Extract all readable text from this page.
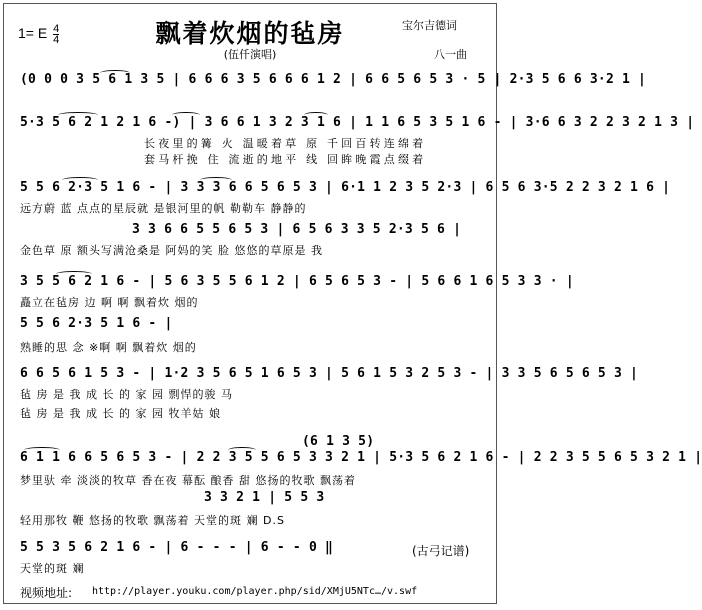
1= E $\frac{4}{4}$	飘着炊烟的毡房
(伍仟演唱)
宝尔吉德词
八一曲
(0 0 0 3 5 6 1 3 5 | 6 6 6 3 5 6 6 6 1 2 | 6 6 5 6 5 3 · 5 | 2·3 5 6 6 3·2 1 |
5·3 5 6 2 1 2 1 6 -) | 3 6 6 1 3 2 3 1 6 | 1 1 6 5 3 5 1 6 - | 3·6 6 3 2 2 3 2 1 3 |
长夜里的篝 火 温暖着草 原 千回百转连绵着
套马杆挽 住 流逝的地平 线 回眸晚霞点缀着
5 5 6 2·3 5 1 6 - | 3 3 3 6 6 5 6 5 3 | 6·1 1 2 3 5 2·3 | 6 5 6 3·5 2 2 3 2 1 6 |
远方蔚 蓝 点点的星辰就 是银河里的帆 勒勒车 静静的
3 3 6 6 5 5 6 5 3 | 6 5 6 3 3 5 2·3 5 6 |
金色草 原 额头写满沧桑是 阿妈的笑 脸 悠悠的草原是 我
3 5 5 6 2 1 6 - | 5 6 3 5 5 6 1 2 | 6 5 6 5 3 - | 5 6 6 1 6 5 3 3 · |
矗立在毡房 边 啊 啊 飘着炊 烟的
5 5 6 2·3 5 1 6 - |
熟睡的思 念 ※啊 啊 飘着炊 烟的
6 6 5 6 1 5 3 - | 1·2 3 5 6 5 1 6 5 3 | 5 6 1 5 3 2 5 3 - | 3 3 5 6 5 6 5 3 |
毡 房 是 我 成 长 的 家 园 剽悍的骏 马
毡 房 是 我 成 长 的 家 园 牧羊姑 娘
(6 1 3 5)
6 1 1 6 6 5 6 5 3 - | 2 2 3 5 5 6 5 3 3 2 1 | 5·3 5 6 2 1 6 - | 2 2 3 5 5 6 5 3 2 1 |
梦里驮 牵 淡淡的牧草 香在夜 幕酝 酿香 甜 悠扬的牧歌 飘荡着
3 3 2 1 | 5 5 3
轻用那牧 鞭 悠扬的牧歌 飘荡着 天堂的斑 斓 D.S
5 5 3 5 6 2 1 6 - | 6 - - - | 6 - - 0 ‖
天堂的斑 斓
(古弓记谱)
视频地址: http://player.youku.com/player.php/sid/XMjU5NTc…/v.swf
